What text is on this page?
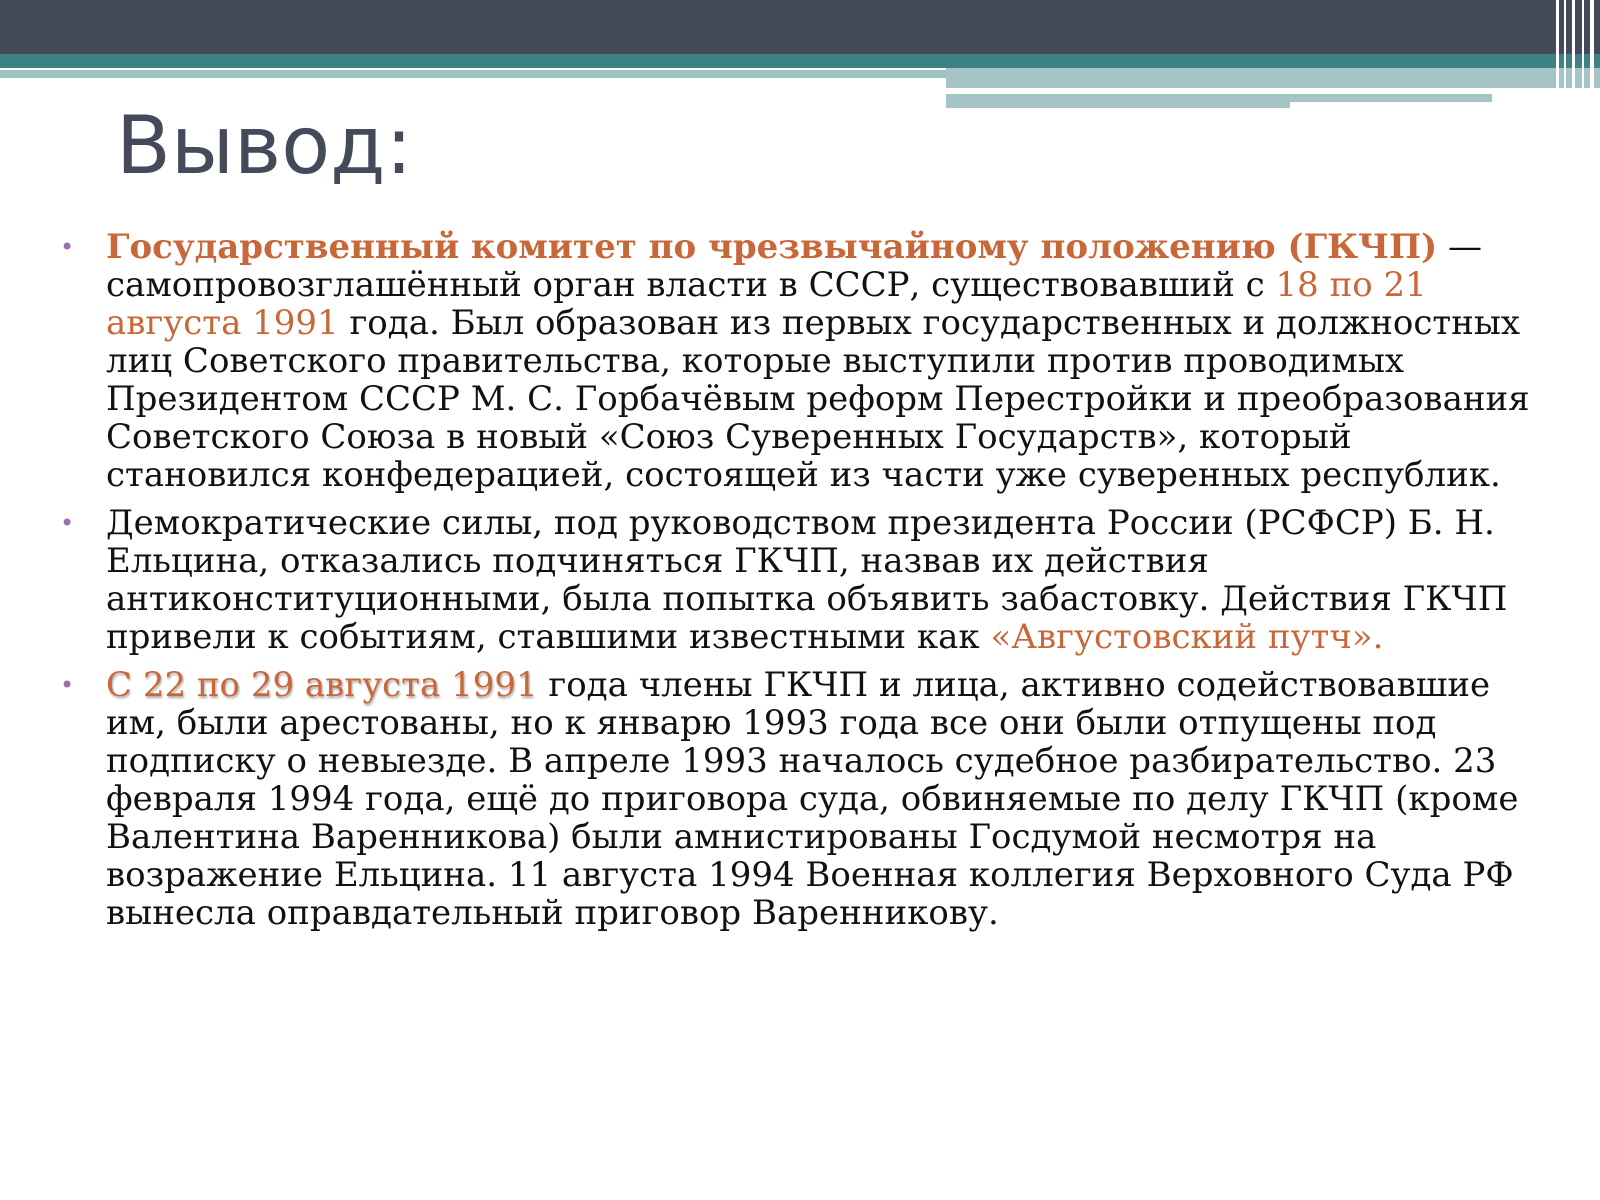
Вывод:
• Государственный комитет по чрезвычайному положению (ГКЧП) — самопровозглашённый орган власти в СССР, существовавший с 18 по 21 августа 1991 года. Был образован из первых государственных и должностных лиц Советского правительства, которые выступили против проводимых Президентом СССР М. С. Горбачёвым реформ Перестройки и преобразования Советского Союза в новый «Союз Суверенных Государств», который становился конфедерацией, состоящей из части уже суверенных республик.
• Демократические силы, под руководством президента России (РСФСР) Б. Н. Ельцина, отказались подчиняться ГКЧП, назвав их действия антиконституционными, была попытка объявить забастовку. Действия ГКЧП привели к событиям, ставшими известными как «Августовский путч».
• С 22 по 29 августа 1991 года члены ГКЧП и лица, активно содействовавшие им, были арестованы, но к январю 1993 года все они были отпущены под подписку о невыезде. В апреле 1993 началось судебное разбирательство. 23 февраля 1994 года, ещё до приговора суда, обвиняемые по делу ГКЧП (кроме Валентина Варенникова) были амнистированы Госдумой несмотря на возражение Ельцина. 11 августа 1994 Военная коллегия Верховного Суда РФ вынесла оправдательный приговор Варенникову.
